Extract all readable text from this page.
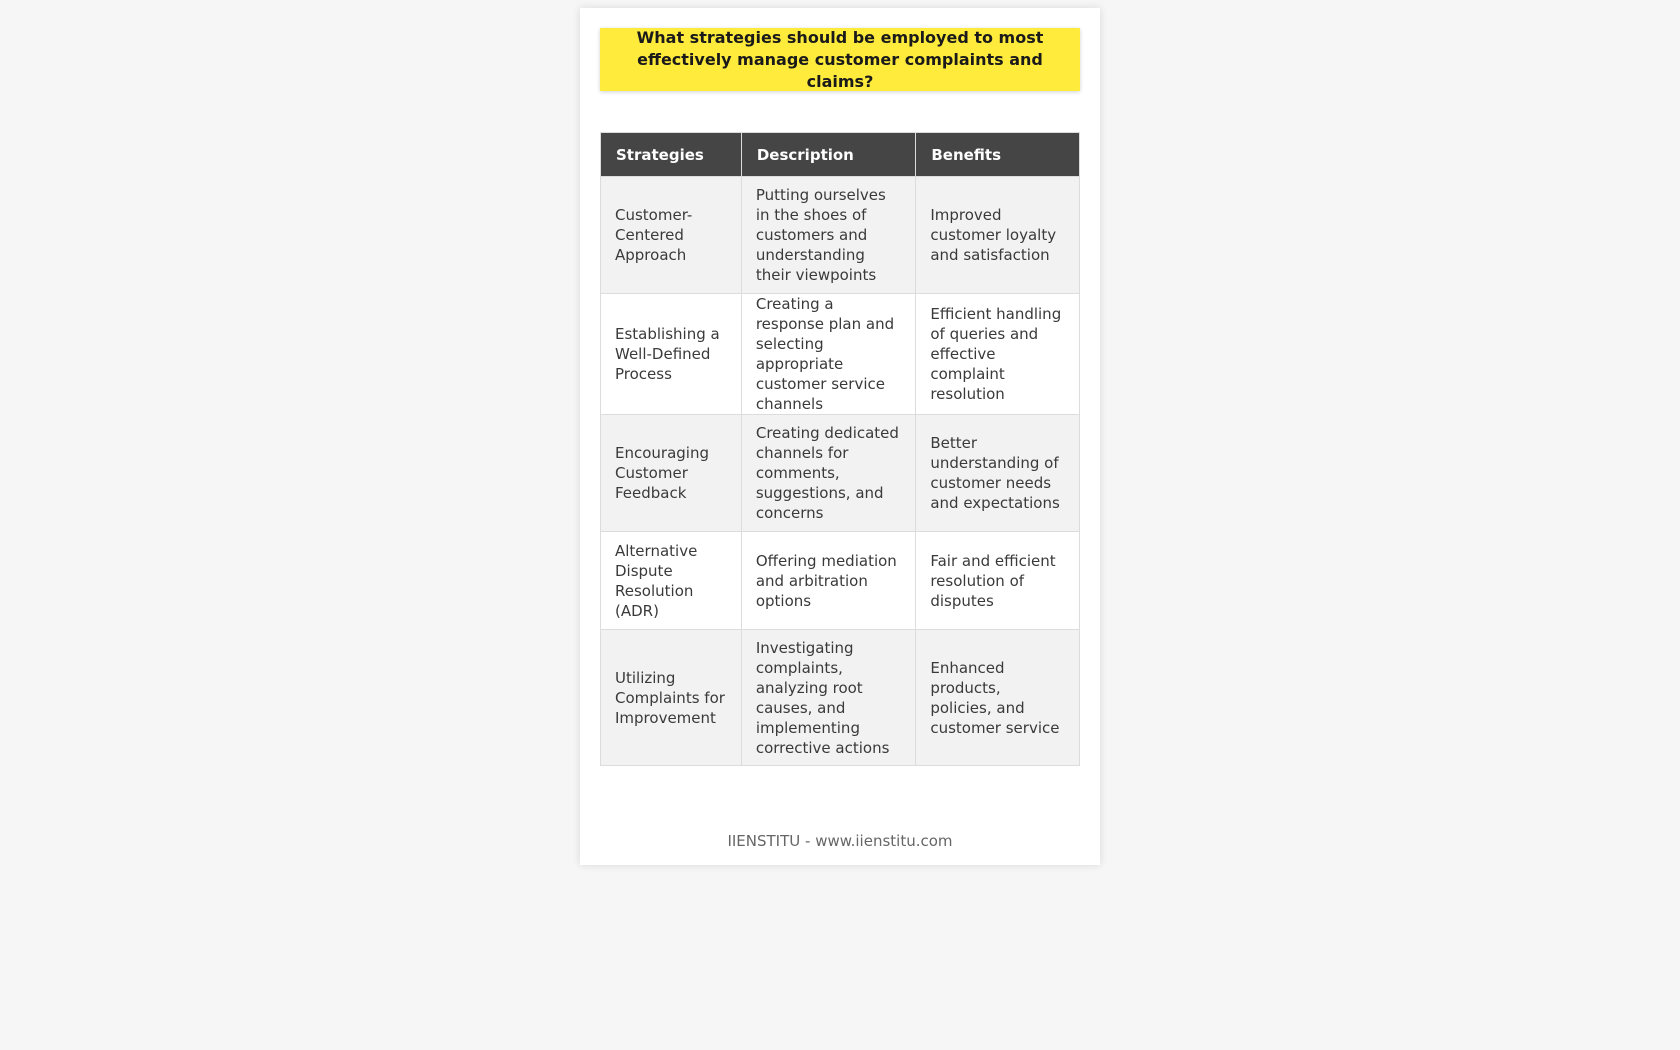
What strategies should be employed to most effectively manage customer complaints and claims?
Strategies	Description	Benefits
Customer-Centered Approach	Putting ourselves in the shoes of customers and understanding their viewpoints	Improved customer loyalty and satisfaction
Establishing a Well-Defined Process	Creating a response plan and selecting appropriate customer service channels	Efficient handling of queries and effective complaint resolution
Encouraging Customer Feedback	Creating dedicated channels for comments, suggestions, and concerns	Better understanding of customer needs and expectations
Alternative Dispute Resolution (ADR)	Offering mediation and arbitration options	Fair and efficient resolution of disputes
Utilizing Complaints for Improvement	Investigating complaints, analyzing root causes, and implementing corrective actions	Enhanced products, policies, and customer service
IIENSTITU - www.iienstitu.com
